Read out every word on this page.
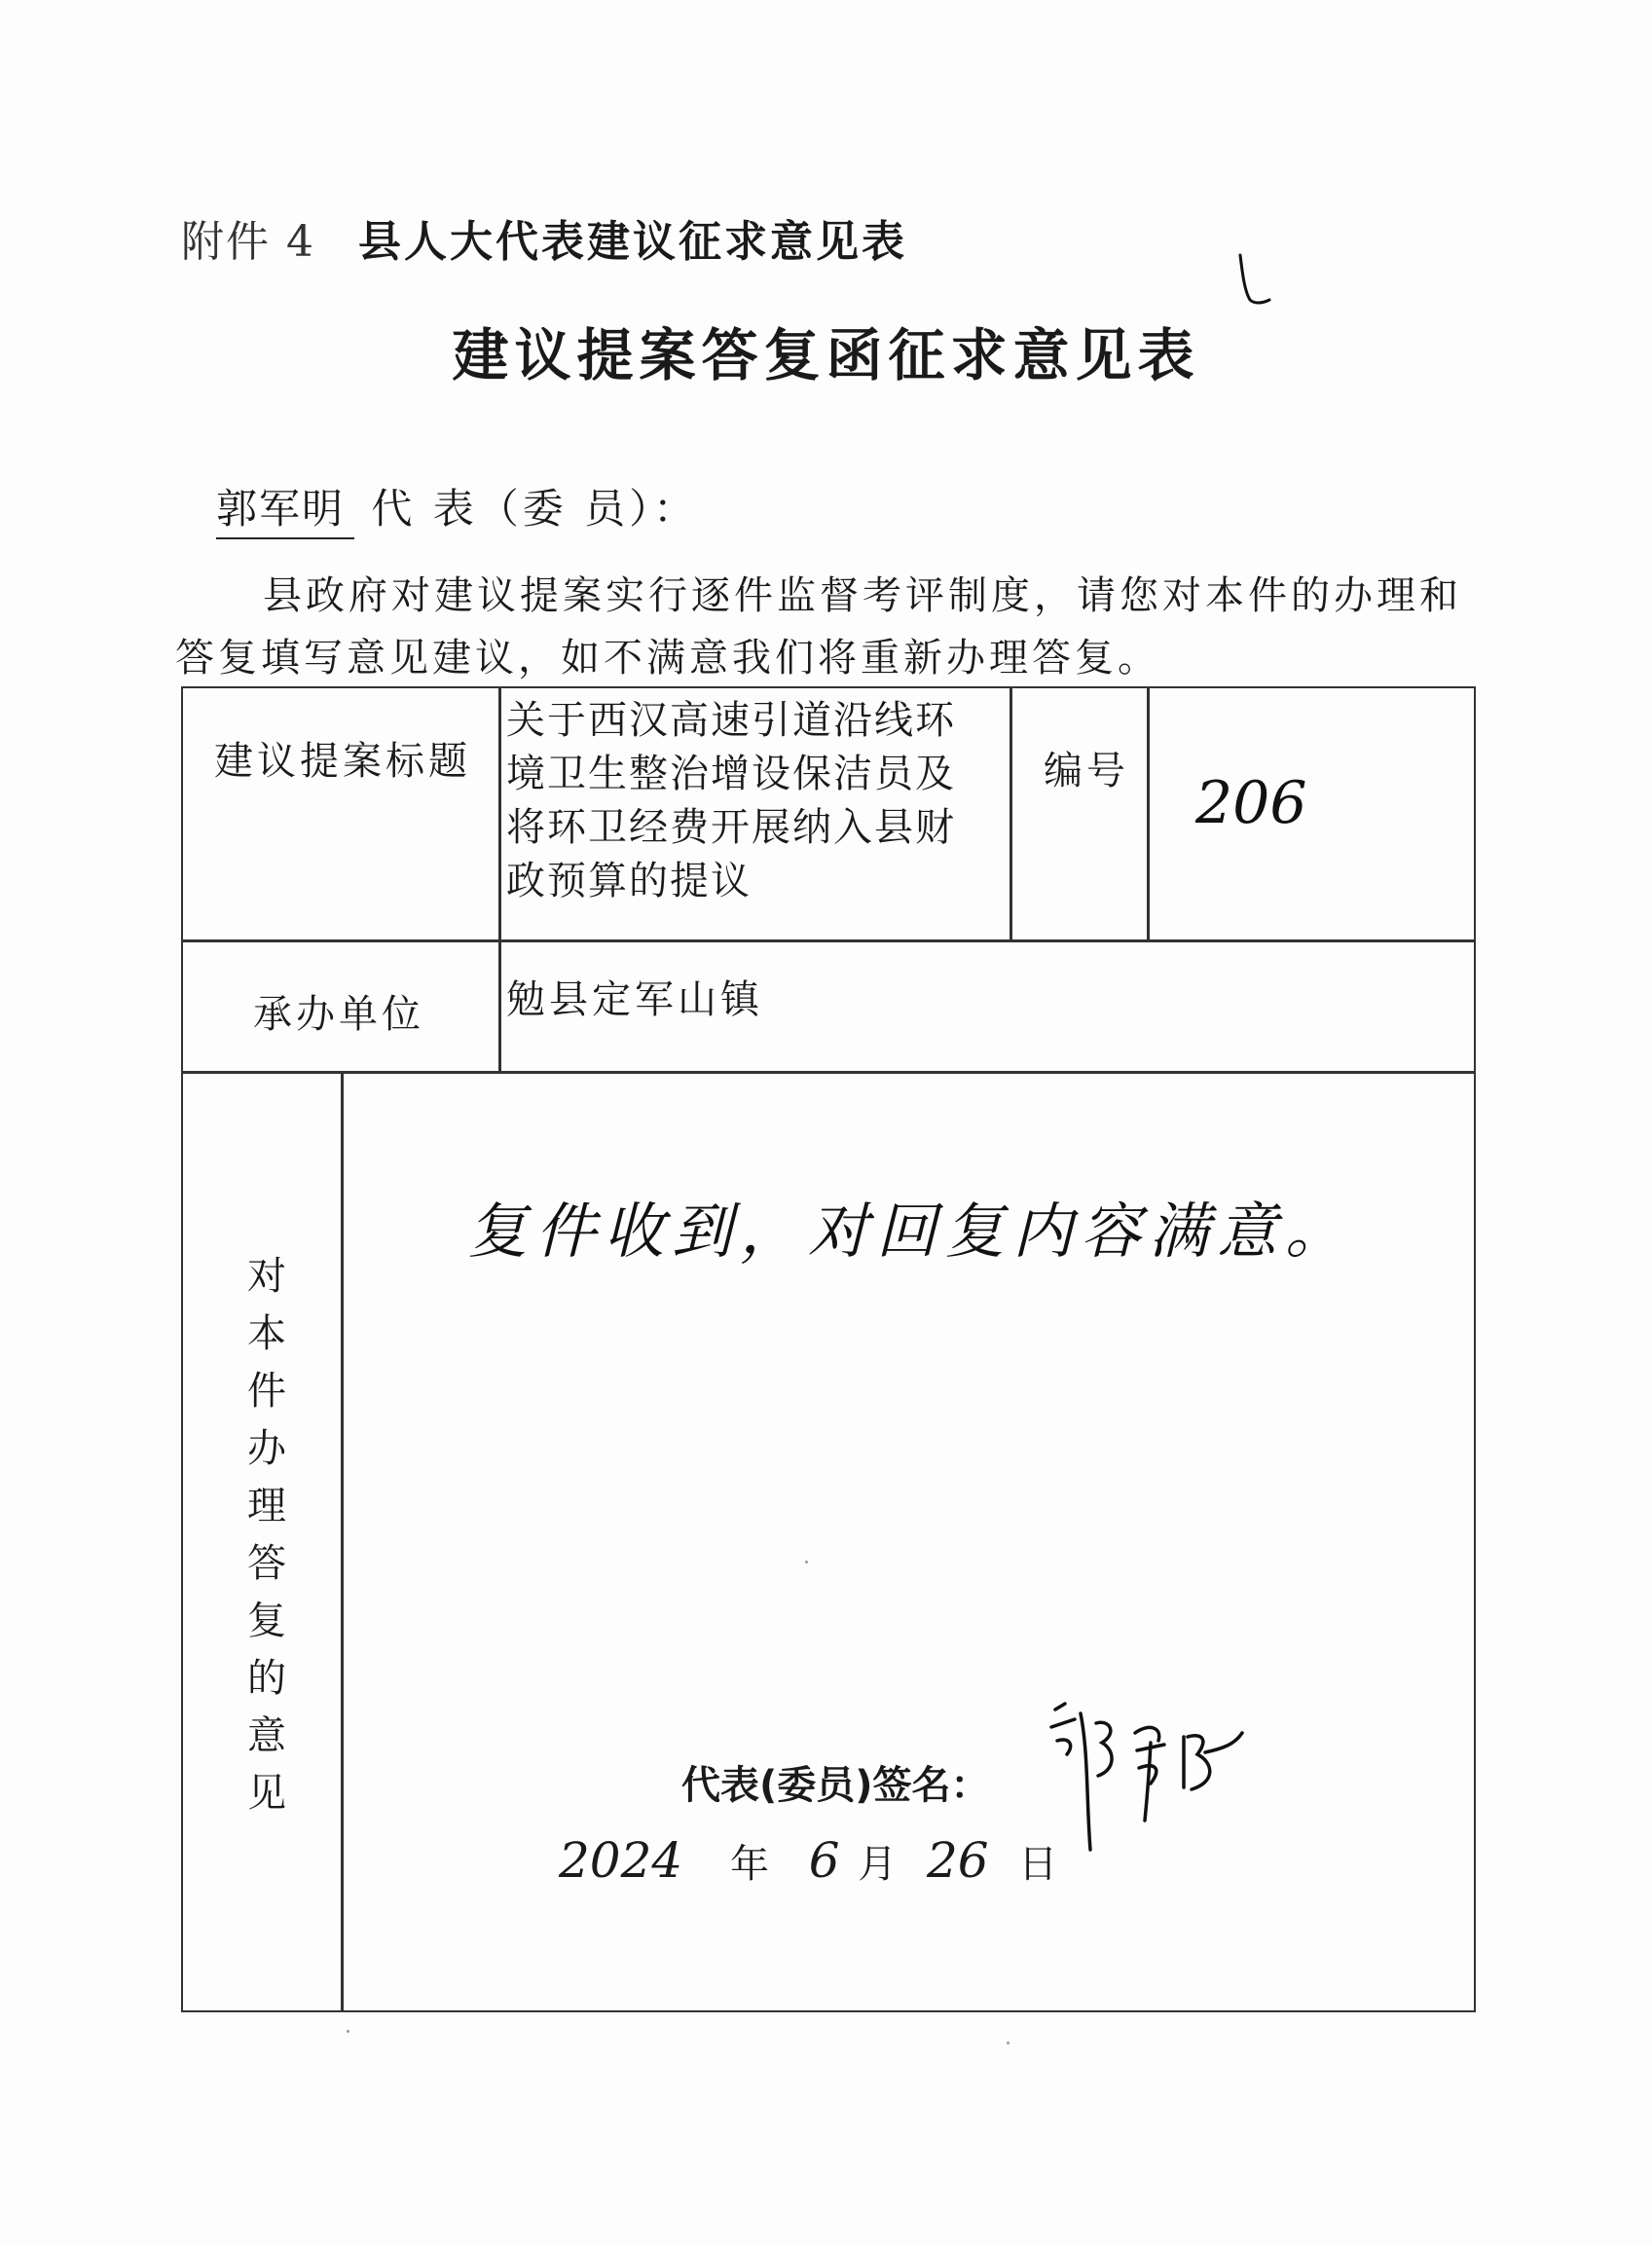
附件 4 县人大代表建议征求意见表
建议提案答复函征求意见表
郭军明 代 表（委 员）：
县政府对建议提案实行逐件监督考评制度，请您对本件的办理和答复填写意见建议，如不满意我们将重新办理答复。
建议提案标题
关于西汉高速引道沿线环境卫生整治增设保洁员及将环卫经费开展纳入县财政预算的提议
编号 206
承办单位 勉县定军山镇
对本件办理答复的意见
复件收到，对回复内容满意。
代表(委员)签名：
2024 年 6 月 26 日
